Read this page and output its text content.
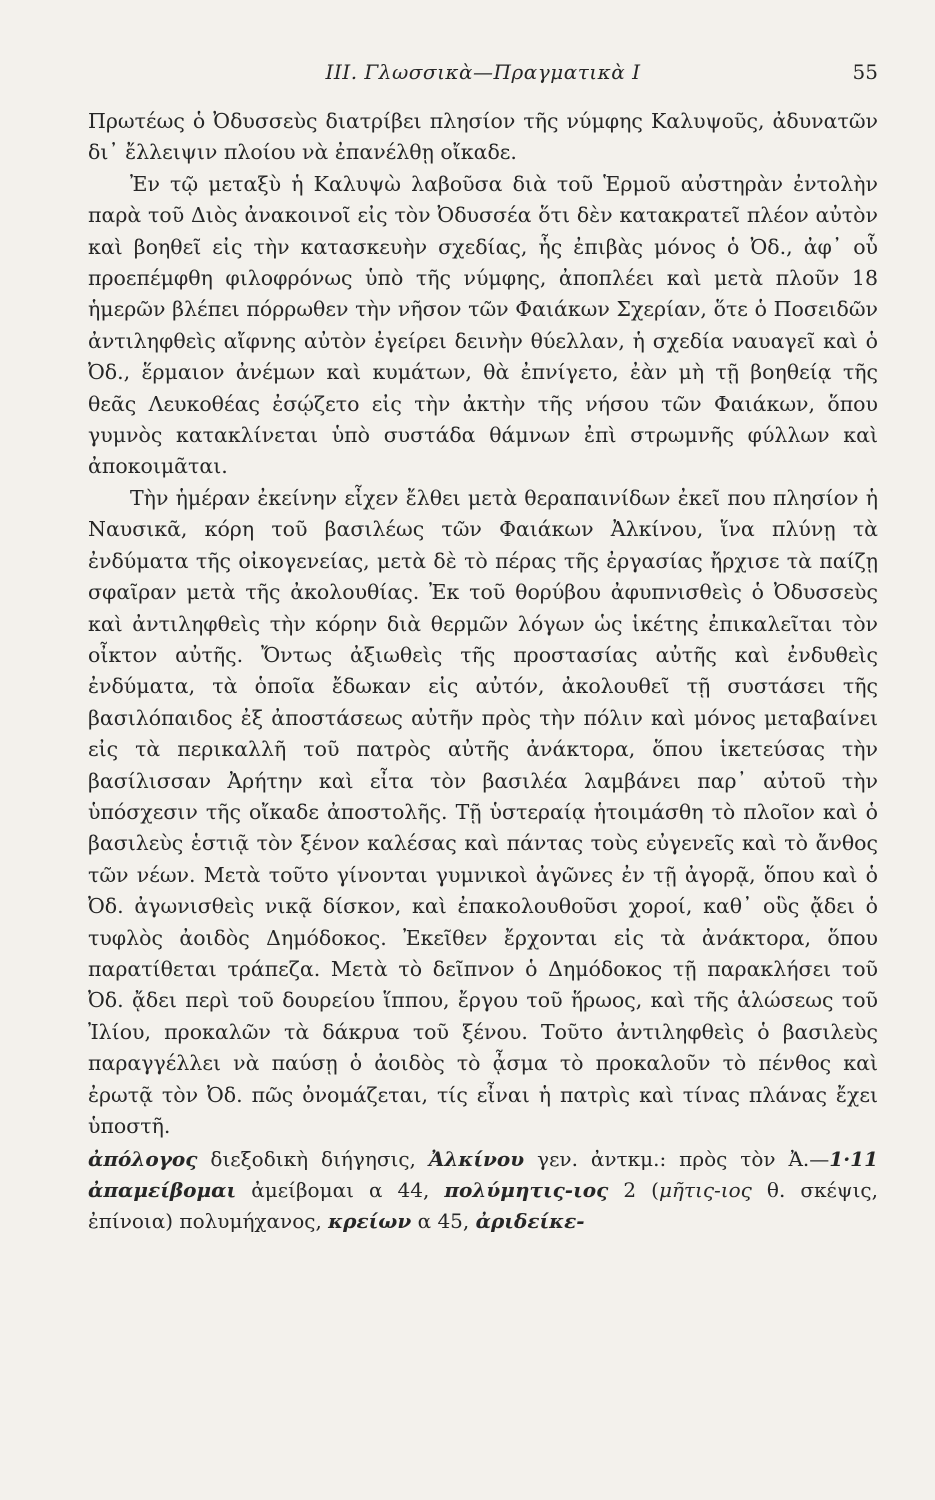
ΙΙΙ. Γλωσσικὰ—Πραγματικὰ Ι	55

Πρωτέως ὁ Ὀδυσσεὺς διατρίβει πλησίον τῆς νύμφης Καλυψοῦς, ἀδυνατῶν δι᾽ ἔλλειψιν πλοίου νὰ ἐπανέλθῃ οἴκαδε.

Ἐν τῷ μεταξὺ ἡ Καλυψὼ λαβοῦσα διὰ τοῦ Ἑρμοῦ αὐστηρὰν ἐντολὴν παρὰ τοῦ Διὸς ἀνακοινοῖ εἰς τὸν Ὀδυσσέα ὅτι δὲν κατακρατεῖ πλέον αὐτὸν καὶ βοηθεῖ εἰς τὴν κατασκευὴν σχεδίας, ἧς ἐπιβὰς μόνος ὁ Ὀδ., ἀφ᾽ οὗ προεπέμφθη φιλοφρόνως ὑπὸ τῆς νύμφης, ἀποπλέει καὶ μετὰ πλοῦν 18 ἡμερῶν βλέπει πόρρωθεν τὴν νῆσον τῶν Φαιάκων Σχερίαν, ὅτε ὁ Ποσειδῶν ἀντιληφθεὶς αἴφνης αὐτὸν ἐγείρει δεινὴν θύελλαν, ἡ σχεδία ναυαγεῖ καὶ ὁ Ὀδ., ἕρμαιον ἀνέμων καὶ κυμάτων, θὰ ἐπνίγετο, ἐὰν μὴ τῇ βοηθείᾳ τῆς θεᾶς Λευκοθέας ἐσῴζετο εἰς τὴν ἀκτὴν τῆς νήσου τῶν Φαιάκων, ὅπου γυμνὸς κατακλίνεται ὑπὸ συστάδα θάμνων ἐπὶ στρωμνῆς φύλλων καὶ ἀποκοιμᾶται.

Τὴν ἡμέραν ἐκείνην εἶχεν ἔλθει μετὰ θεραπαινίδων ἐκεῖ που πλησίον ἡ Ναυσικᾶ, κόρη τοῦ βασιλέως τῶν Φαιάκων Ἀλκίνου, ἵνα πλύνῃ τὰ ἐνδύματα τῆς οἰκογενείας, μετὰ δὲ τὸ πέρας τῆς ἐργασίας ἤρχισε τὰ παίζῃ σφαῖραν μετὰ τῆς ἀκολουθίας. Ἐκ τοῦ θορύβου ἀφυπνισθεὶς ὁ Ὀδυσσεὺς καὶ ἀντιληφθεὶς τὴν κόρην διὰ θερμῶν λόγων ὡς ἱκέτης ἐπικαλεῖται τὸν οἶκτον αὐτῆς. Ὄντως ἀξιωθεὶς τῆς προστασίας αὐτῆς καὶ ἐνδυθεὶς ἐνδύματα, τὰ ὁποῖα ἔδωκαν εἰς αὐτόν, ἀκολουθεῖ τῇ συστάσει τῆς βασιλόπαιδος ἐξ ἀποστάσεως αὐτῆν πρὸς τὴν πόλιν καὶ μόνος μεταβαίνει εἰς τὰ περικαλλῆ τοῦ πατρὸς αὐτῆς ἀνάκτορα, ὅπου ἱκετεύσας τὴν βασίλισσαν Ἀρήτην καὶ εἶτα τὸν βασιλέα λαμβάνει παρ᾽ αὐτοῦ τὴν ὑπόσχεσιν τῆς οἴκαδε ἀποστολῆς. Τῇ ὑστεραίᾳ ἡτοιμάσθη τὸ πλοῖον καὶ ὁ βασιλεὺς ἑστιᾷ τὸν ξένον καλέσας καὶ πάντας τοὺς εὐγενεῖς καὶ τὸ ἄνθος τῶν νέων. Μετὰ τοῦτο γίνονται γυμνικοὶ ἀγῶνες ἐν τῇ ἀγορᾷ, ὅπου καὶ ὁ Ὀδ. ἀγωνισθεὶς νικᾷ δίσκον, καὶ ἐπακολουθοῦσι χοροί, καθ᾽ οὓς ᾄδει ὁ τυφλὸς ἀοιδὸς Δημόδοκος. Ἐκεῖθεν ἔρχονται εἰς τὰ ἀνάκτορα, ὅπου παρατίθεται τράπεζα. Μετὰ τὸ δεῖπνον ὁ Δημόδοκος τῇ παρακλήσει τοῦ Ὀδ. ᾄδει περὶ τοῦ δουρείου ἵππου, ἔργου τοῦ ἥρωος, καὶ τῆς ἁλώσεως τοῦ Ἰλίου, προκαλῶν τὰ δάκρυα τοῦ ξένου. Τοῦτο ἀντιληφθεὶς ὁ βασιλεὺς παραγγέλλει νὰ παύσῃ ὁ ἀοιδὸς τὸ ᾆσμα τὸ προκαλοῦν τὸ πένθος καὶ ἐρωτᾷ τὸν Ὀδ. πῶς ὀνομάζεται, τίς εἶναι ἡ πατρὶς καὶ τίνας πλάνας ἔχει ὑποστῆ.

ἀπόλογος διεξοδικὴ διήγησις, Ἀλκίνου γεν. ἀντκμ.: πρὸς τὸν Ἀ.—1·11 ἀπαμείβομαι ἀμείβομαι α 44, πολύμητις-ιος 2 (μῆτις-ιος θ. σκέψις, ἐπίνοια) πολυμήχανος, κρείων α 45, ἀριδείκε-
